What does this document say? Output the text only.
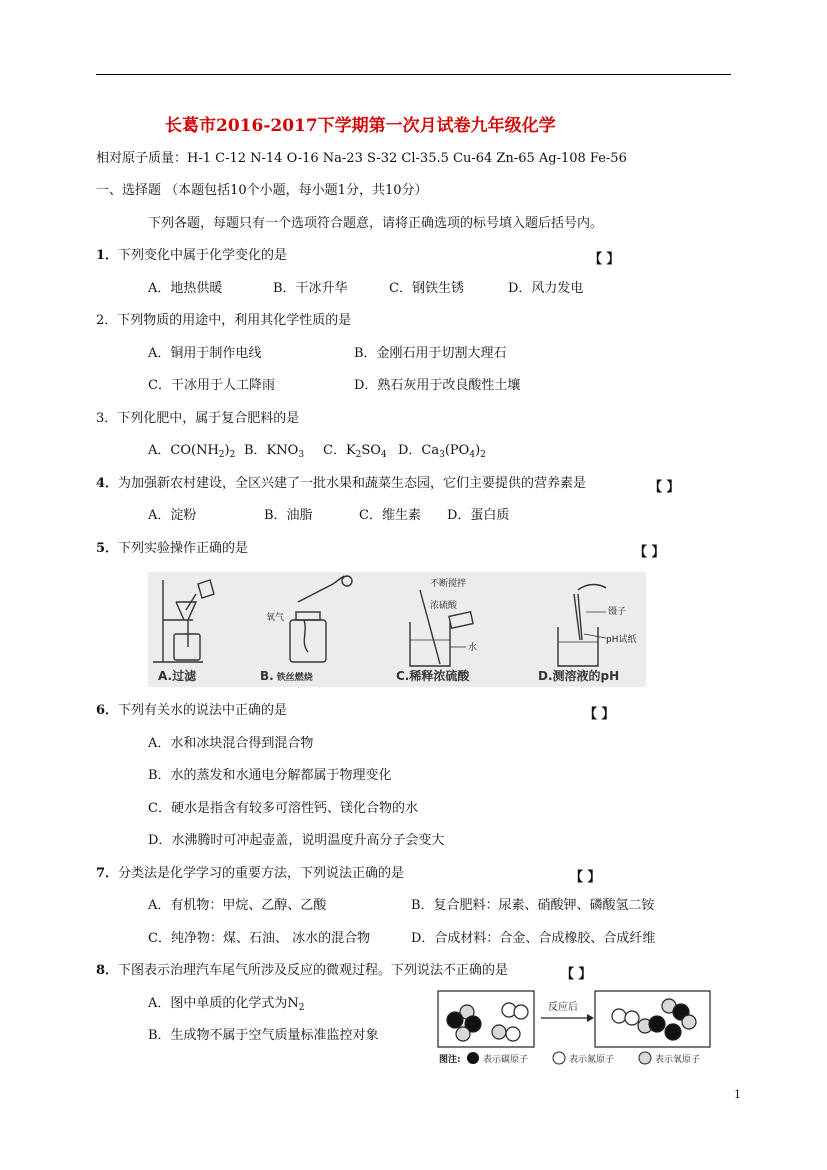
长葛市2016-2017下学期第一次月试卷九年级化学
相对原子质量：H-1 C-12 N-14 O-16 Na-23 S-32 Cl-35.5 Cu-64 Zn-65 Ag-108 Fe-56
一、选择题 （本题包括10个小题，每小题1分，共10分）
下列各题，每题只有一个选项符合题意，请将正确选项的标号填入题后括号内。
1．下列变化中属于化学变化的是	【 】
A．地热供暖	B．干冰升华	C．钢铁生锈	D．风力发电
2．下列物质的用途中，利用其化学性质的是
A．铜用于制作电线	B．金刚石用于切割大理石
C．干冰用于人工降雨	D．熟石灰用于改良酸性土壤
3．下列化肥中，属于复合肥料的是
A．$CO(NH_2)_2$ B．$KNO_3$ C．$K_2SO_4$ D．$Ca_3(PO_4)_2$
4．为加强新农村建设，全区兴建了一批水果和蔬菜生态园，它们主要提供的营养素是	【 】
A．淀粉	B．油脂	C．维生素 D．蛋白质
5．下列实验操作正确的是	【 】
A.过滤
氧气
B. 铁丝燃烧
不断搅拌
浓硫酸
水
C.稀释浓硫酸
镊子
pH试纸
D.测溶液的pH
6．下列有关水的说法中正确的是	【 】
A．水和冰块混合得到混合物
B．水的蒸发和水通电分解都属于物理变化
C．硬水是指含有较多可溶性钙、镁化合物的水
D．水沸腾时可冲起壶盖，说明温度升高分子会变大
7．分类法是化学学习的重要方法，下列说法正确的是	【 】
A．有机物：甲烷、乙醇、乙酸	B．复合肥料：尿素、硝酸钾、磷酸氢二铵
C．纯净物：煤、石油、 冰水的混合物	D．合成材料：合金、合成橡胶、合成纤维
8．下图表示治理汽车尾气所涉及反应的微观过程。下列说法不正确的是	【 】
A．图中单质的化学式为$N_2$
B．生成物不属于空气质量标准监控对象
反应后
图注: 表示碳原子	表示氮原子	表示氧原子
1
